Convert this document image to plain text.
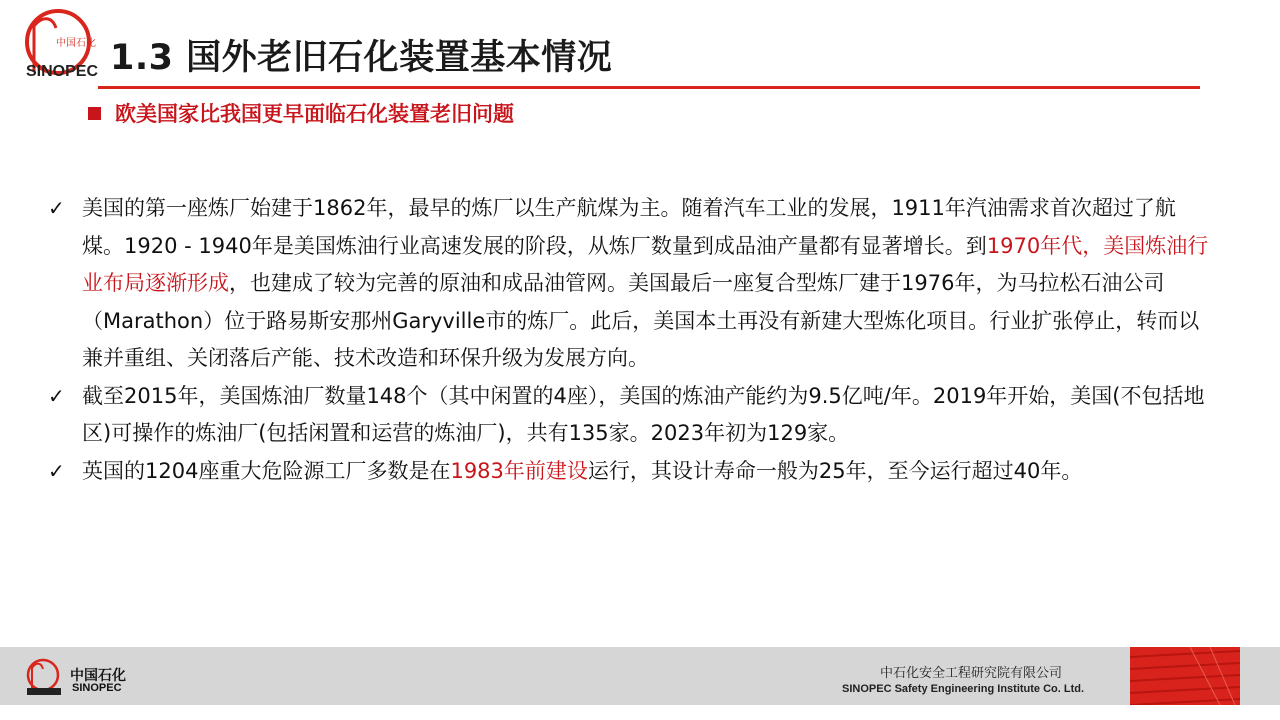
中国石化
SINOPEC 1.3 国外老旧石化装置基本情况
欧美国家比我国更早面临石化装置老旧问题
✓ 美国的第一座炼厂始建于1862年，最早的炼厂以生产航煤为主。随着汽车工业的发展，1911年汽油需求首次超过了航煤。1920 - 1940年是美国炼油行业高速发展的阶段，从炼厂数量到成品油产量都有显著增长。到1970年代，美国炼油行业布局逐渐形成，也建成了较为完善的原油和成品油管网。美国最后一座复合型炼厂建于1976年，为马拉松石油公司（Marathon）位于路易斯安那州Garyville市的炼厂。此后，美国本土再没有新建大型炼化项目。行业扩张停止，转而以兼并重组、关闭落后产能、技术改造和环保升级为发展方向。
✓ 截至2015年，美国炼油厂数量148个（其中闲置的4座），美国的炼油产能约为9.5亿吨/年。2019年开始，美国(不包括地区)可操作的炼油厂(包括闲置和运营的炼油厂)，共有135家。2023年初为129家。
✓ 英国的1204座重大危险源工厂多数是在1983年前建设运行，其设计寿命一般为25年，至今运行超过40年。
中国石化
SINOPEC
中石化安全工程研究院有限公司
SINOPEC Safety Engineering Institute Co. Ltd.
